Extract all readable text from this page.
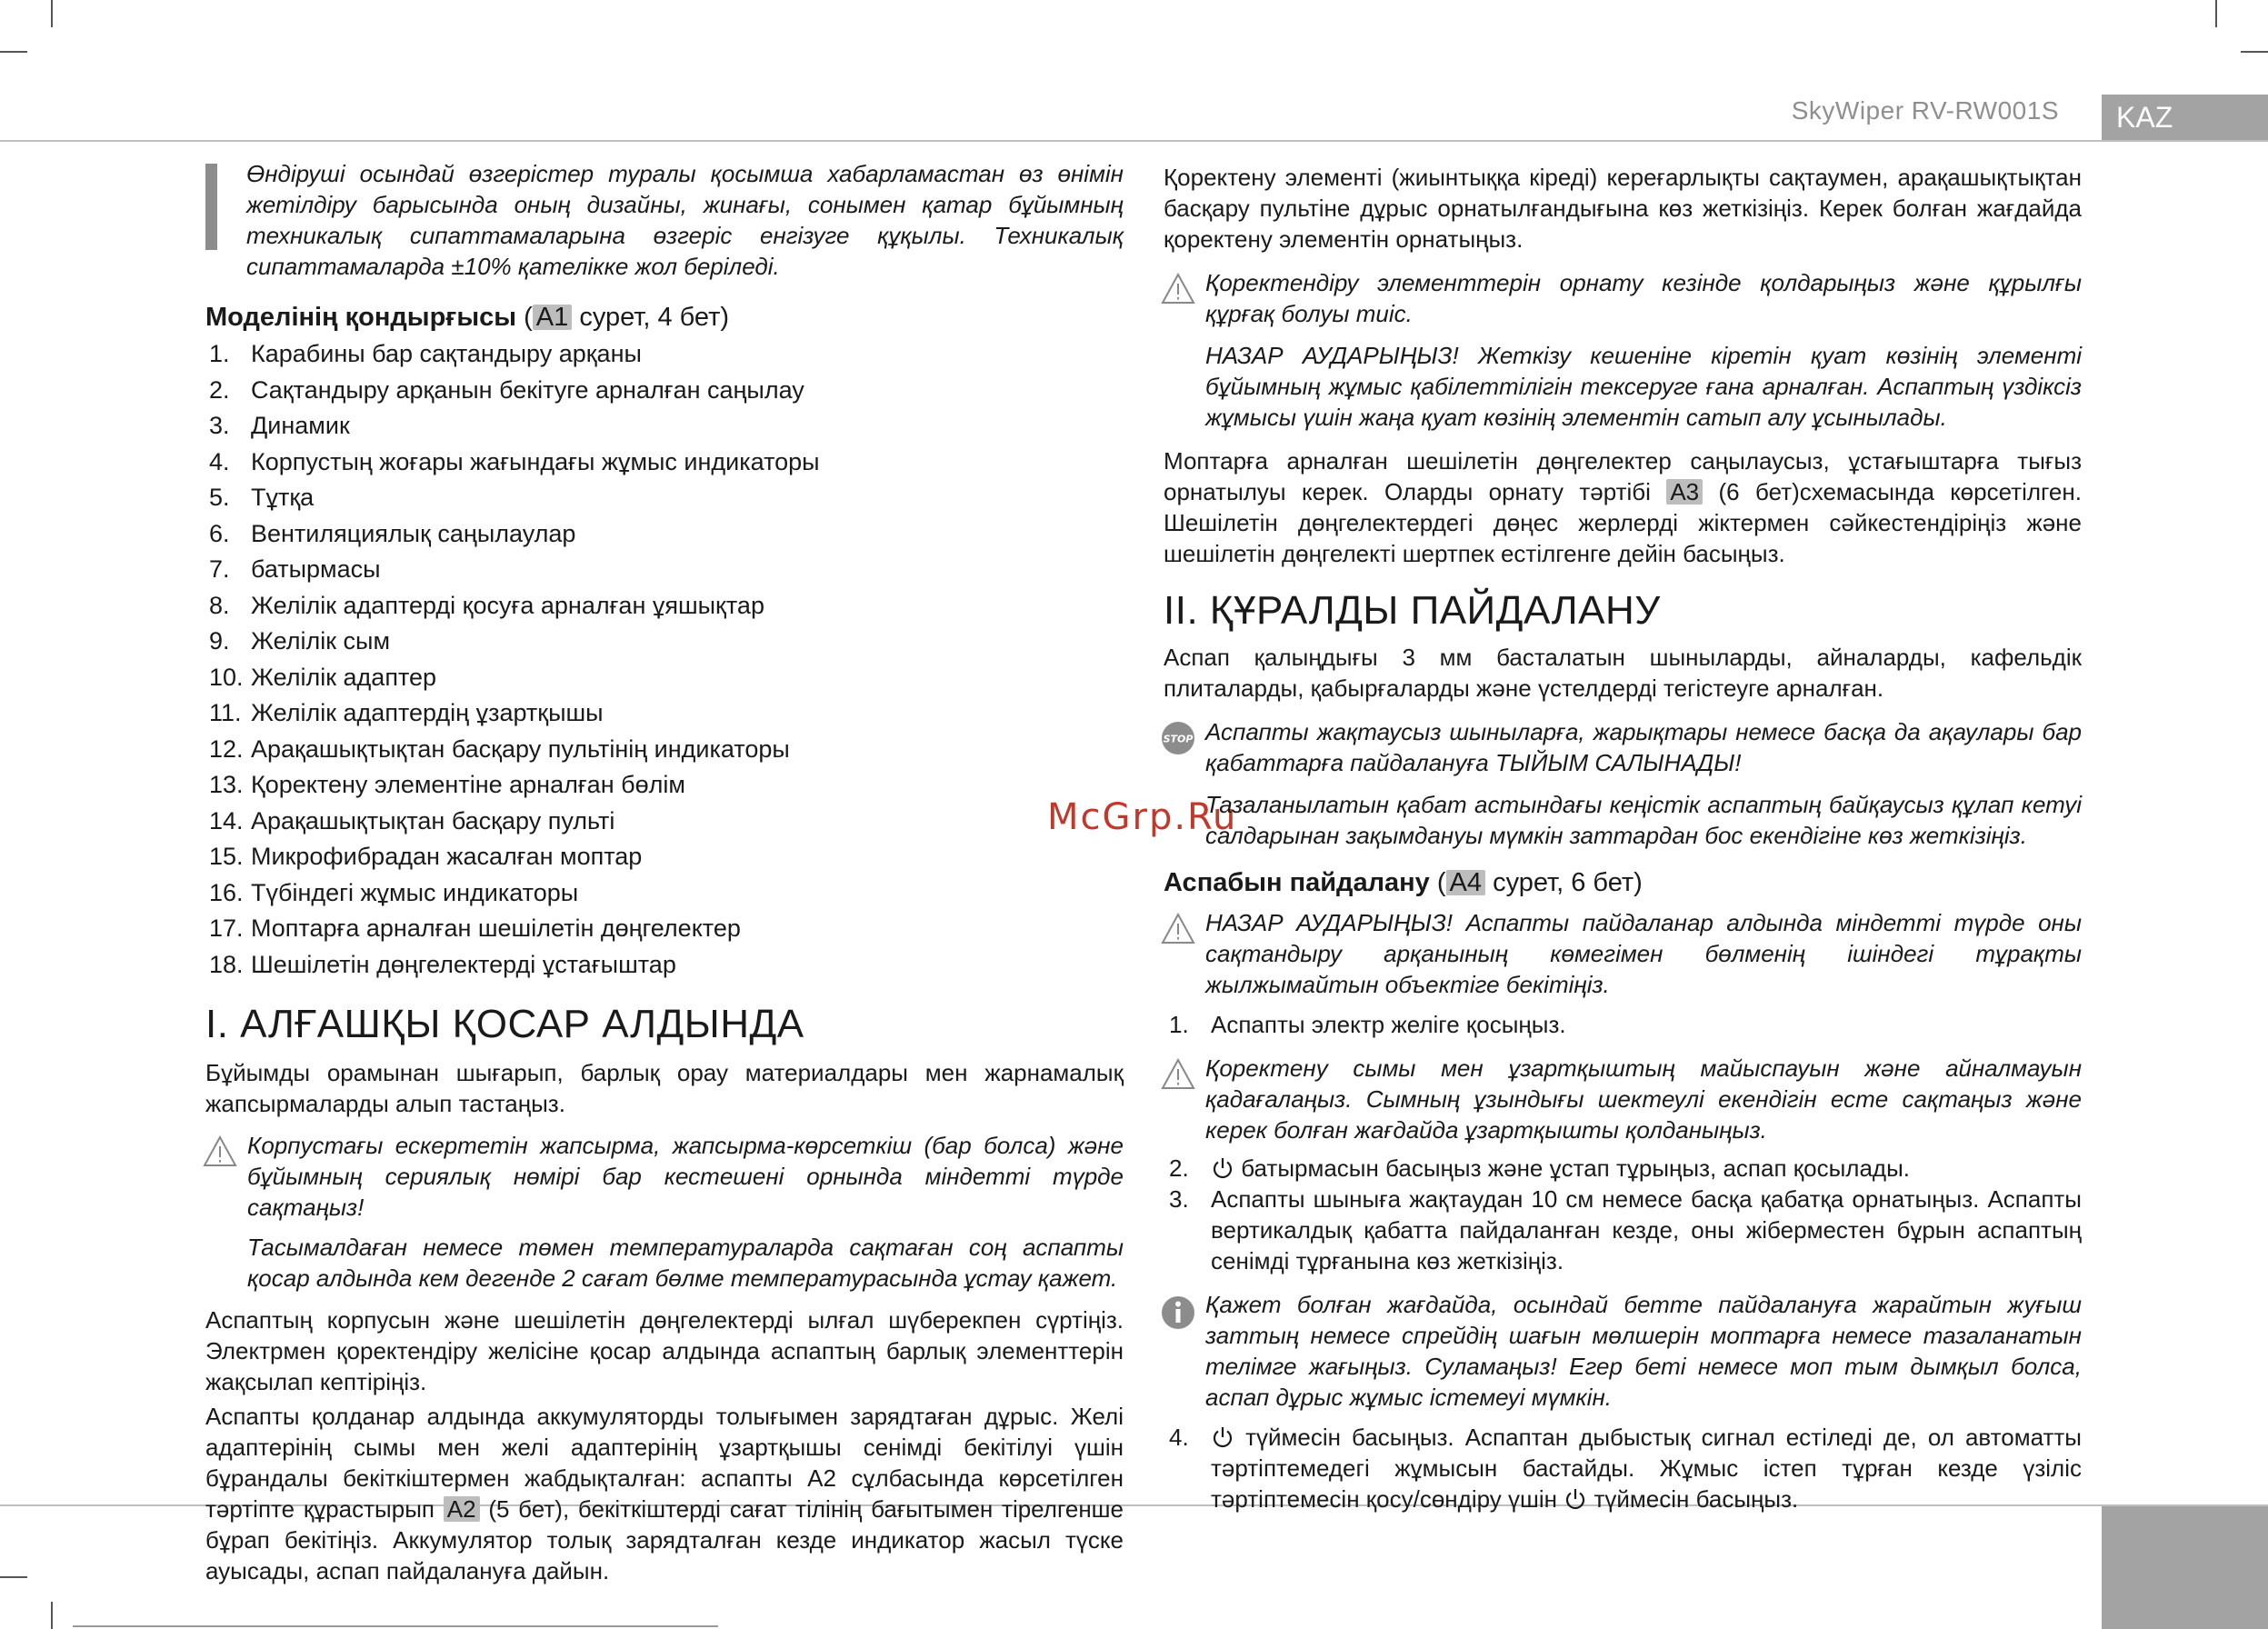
SkyWiper RV-RW001S	KAZ
McGrp.Ru

Өндіруші осындай өзгерістер туралы қосымша хабарламастан өз өнімін жетілдіру барысында оның дизайны, жинағы, сонымен қатар бұйымның техникалық сипаттамаларына өзгеріс енгізуге құқылы. Техникалық сипаттамаларда ±10% қателікке жол беріледі.

Моделінің қондырғысы ( A1 сурет, 4 бет)

1. Карабины бар сақтандыру арқаны
2. Сақтандыру арқанын бекітуге арналған саңылау
3. Динамик
4. Корпустың жоғары жағындағы жұмыс индикаторы
5. Тұтқа
6. Вентиляциялық саңылаулар
7. батырмасы
8. Желілік адаптерді қосуға арналған ұяшықтар
9. Желілік сым
10. Желілік адаптер
11. Желілік адаптердің ұзартқышы
12. Арақашықтықтан басқару пультінің индикаторы
13. Қоректену элементіне арналған бөлім
14. Арақашықтықтан басқару пульті
15. Микрофибрадан жасалған моптар
16. Түбіндегі жұмыс индикаторы
17. Моптарға арналған шешілетін дөңгелектер
18. Шешілетін дөңгелектерді ұстағыштар
I. АЛҒАШҚЫ ҚОСАР АЛДЫНДА

Бұйымды орамынан шығарып, барлық орау материалдары мен жарнамалық жапсырмаларды алып тастаңыз.

Корпустағы ескертетін жапсырма, жапсырма-көрсеткіш (бар болса) және бұйымның сериялық нөмірі бар кестешені орнында міндетті түрде сақтаңыз!

Тасымалдаған немесе төмен температураларда сақтаған соң аспапты қосар алдында кем дегенде 2 сағат бөлме температурасында ұстау қажет.

Аспаптың корпусын және шешілетін дөңгелектерді ылғал шүберекпен сүртіңіз. Электрмен қоректендіру желісіне қосар алдында аспаптың барлық элементтерін жақсылап кептіріңіз.

Аспапты қолданар алдында аккумуляторды толығымен зарядтаған дұрыс. Желі адаптерінің сымы мен желі адаптерінің ұзартқышы сенімді бекітілуі үшін бұрандалы бекіткіштермен жабдықталған: аспапты A2 сұлбасында көрсетілген тәртіпте құрастырып A2 (5 бет), бекіткіштерді сағат тілінің бағытымен тірелгенше бұрап бекітіңіз. Аккумулятор толық зарядталған кезде индикатор жасыл түске ауысады, аспап пайдалануға дайын.

Қоректену элементі (жиынтыққа кіреді) кереғарлықты сақтаумен, арақашықтықтан басқару пультіне дұрыс орнатылғандығына көз жеткізіңіз. Керек болған жағдайда қоректену элементін орнатыңыз.

Қоректендіру элементтерін орнату кезінде қолдарыңыз және құрылғы құрғақ болуы тиіс.

НАЗАР АУДАРЫҢЫЗ! Жеткізу кешеніне кіретін қуат көзінің элементі бұйымның жұмыс қабілеттілігін тексеруге ғана арналған. Аспаптың үздіксіз жұмысы үшін жаңа қуат көзінің элементін сатып алу ұсынылады.

Моптарға арналған шешілетін дөңгелектер саңылаусыз, ұстағыштарға тығыз орнатылуы керек. Оларды орнату тәртібі A3 (6 бет)схемасында көрсетілген. Шешілетін дөңгелектердегі дөңес жерлерді жіктермен сәйкестендіріңіз және шешілетін дөңгелекті шертпек естілгенге дейін басыңыз.

II. ҚҰРАЛДЫ ПАЙДАЛАНУ

Аспап қалыңдығы 3 мм басталатын шыныларды, айналарды, кафельдік плиталарды, қабырғаларды және үстелдерді тегістеуге арналған.

STOP Аспапты жақтаусыз шыныларға, жарықтары немесе басқа да ақаулары бар қабаттарға пайдалануға ТЫЙЫМ САЛЫНАДЫ!

Тазаланылатын қабат астындағы кеңістік аспаптың байқаусыз құлап кетуі салдарынан зақымдануы мүмкін заттардан бос екендігіне көз жеткізіңіз.

Аспабын пайдалану ( A4 сурет, 6 бет)

НАЗАР АУДАРЫҢЫЗ! Аспапты пайдаланар алдында міндетті түрде оны сақтандыру арқанының көмегімен бөлменің ішіндегі тұрақты жылжымайтын объектіге бекітіңіз.

1. Аспапты электр желіге қосыңыз.

Қоректену сымы мен ұзартқыштың майыспауын және айналмауын қадағалаңыз. Сымның ұзындығы шектеулі екендігін есте сақтаңыз және керек болған жағдайда ұзартқышты қолданыңыз.

2. батырмасын басыңыз және ұстап тұрыңыз, аспап қосылады.
3. Аспапты шыныға жақтаудан 10 см немесе басқа қабатқа орнатыңыз. Аспапты вертикалдық қабатта пайдаланған кезде, оны жіберместен бұрын аспаптың сенімді тұрғанына көз жеткізіңіз.

Қажет болған жағдайда, осындай бетте пайдалануға жарайтын жуғыш заттың немесе спрейдің шағын мөлшерін моптарға немесе тазаланатын телімге жағыңыз. Суламаңыз! Егер беті немесе моп тым дымқыл болса, аспап дұрыс жұмыс істемеуі мүмкін.

4. түймесін басыңыз. Аспаптан дыбыстық сигнал естіледі де, ол автоматты тәртіптемедегі жұмысын бастайды. Жұмыс істеп тұрған кезде үзіліс тәртіптемесін қосу/сөндіру үшін түймесін басыңыз.
